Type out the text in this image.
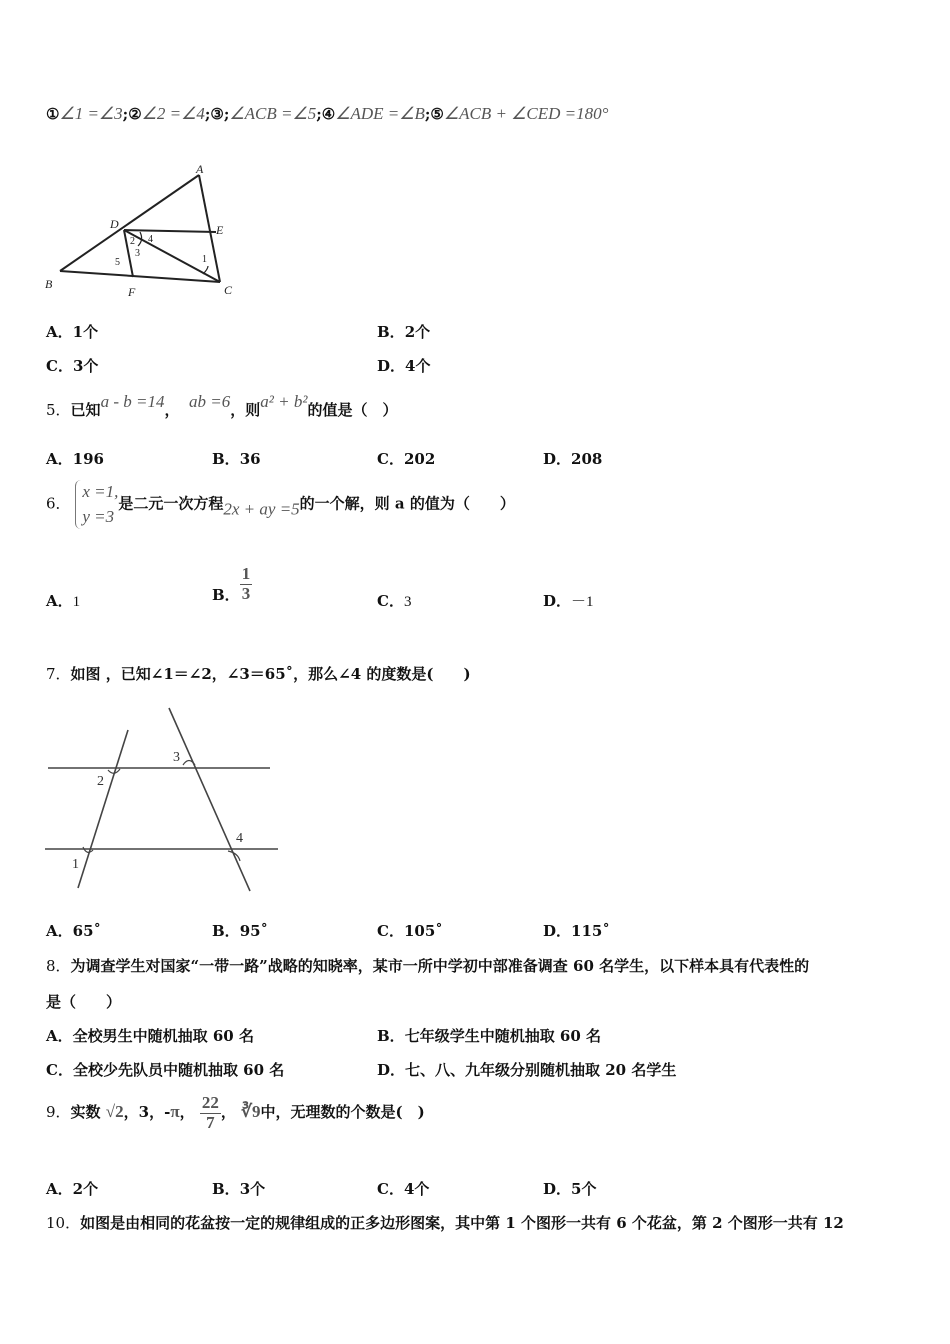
①∠1 =∠3;②∠2 =∠4;③;∠ACB =∠5;④∠ADE =∠B;⑤∠ACB + ∠CED =180°
A
B	C
D	E
F
1
2
3
4
5
A．1个	B．2个
C．3个	D．4个
5．已知a - b =14， ab =6，则a² + b²的值是（　）
A．196	B．36	C．202	D．208
6．
x =1,
y =3
是二元一次方程2x + ay =5的一个解，则 a 的值为（　　）
A．1	B． $\frac{1}{3}$	C．3	D．－1
7．如图 ，已知∠1＝∠2，∠3＝65˚，那么∠4 的度数是(　　)
1
2
3
4
A．65˚	B．95˚	C．105˚	D．115˚
8．为调查学生对国家“一带一路”战略的知晓率，某市一所中学初中部准备调查 60 名学生，以下样本具有代表性的
是（　　）
A．全校男生中随机抽取 60 名	B．七年级学生中随机抽取 60 名
C．全校少先队员中随机抽取 60 名	D．七、八、九年级分别随机抽取 20 名学生
9．实数 √2，3，-π， $\frac{22}{7}$ ， ∛9中，无理数的个数是(　)
A．2个	B．3个	C．4个	D．5个
10．如图是由相同的花盆按一定的规律组成的正多边形图案，其中第 1 个图形一共有 6 个花盆，第 2 个图形一共有 12
